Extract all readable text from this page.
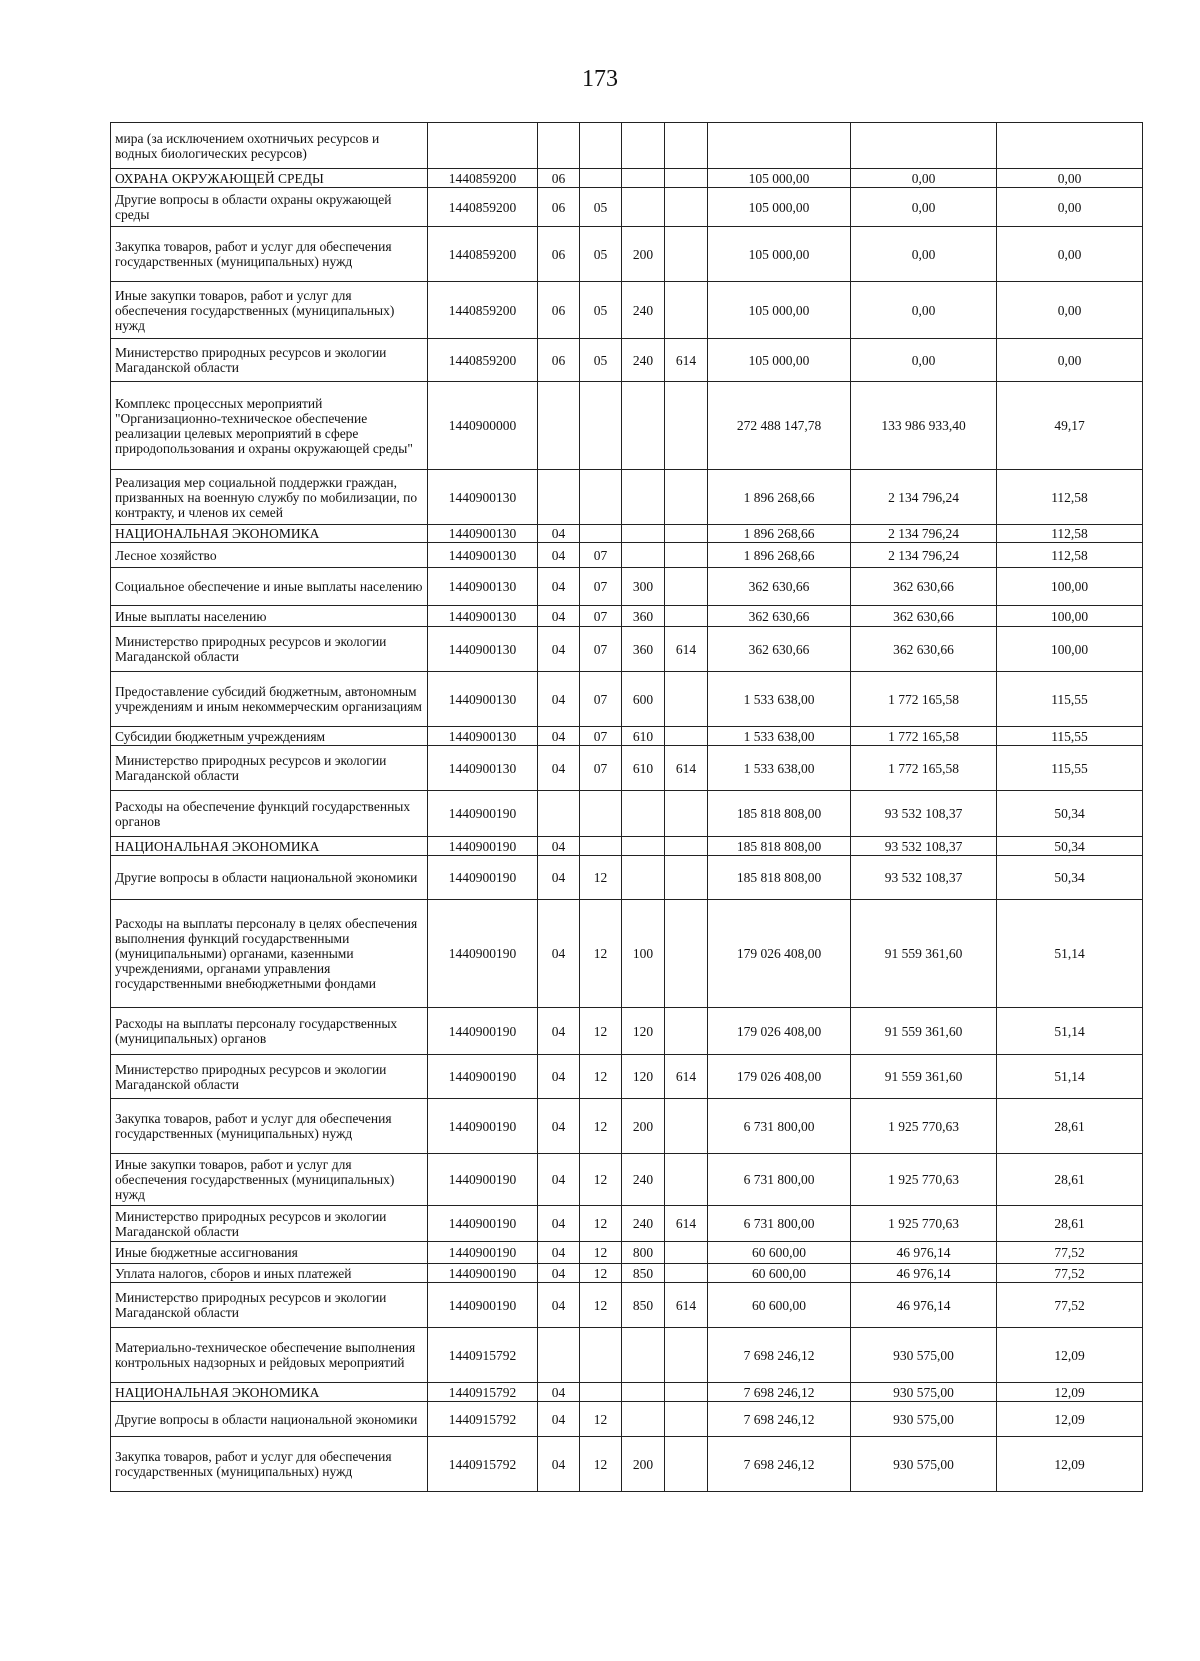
173
мира (за исключением охотничьих ресурсов и водных биологических ресурсов)								
ОХРАНА ОКРУЖАЮЩЕЙ СРЕДЫ	1440859200	06				105 000,00	0,00	0,00
Другие вопросы в области охраны окружающей среды	1440859200	06	05			105 000,00	0,00	0,00
Закупка товаров, работ и услуг для обеспечения государственных (муниципальных) нужд	1440859200	06	05	200		105 000,00	0,00	0,00
Иные закупки товаров, работ и услуг для обеспечения государственных (муниципальных) нужд	1440859200	06	05	240		105 000,00	0,00	0,00
Министерство природных ресурсов и экологии Магаданской области	1440859200	06	05	240	614	105 000,00	0,00	0,00
Комплекс процессных мероприятий "Организационно-техническое обеспечение реализации целевых мероприятий в сфере природопользования и охраны окружающей среды"	1440900000					272 488 147,78	133 986 933,40	49,17
Реализация мер социальной поддержки граждан, призванных на военную службу по мобилизации, по контракту, и членов их семей	1440900130					1 896 268,66	2 134 796,24	112,58
НАЦИОНАЛЬНАЯ ЭКОНОМИКА	1440900130	04				1 896 268,66	2 134 796,24	112,58
Лесное хозяйство	1440900130	04	07			1 896 268,66	2 134 796,24	112,58
Социальное обеспечение и иные выплаты населению	1440900130	04	07	300		362 630,66	362 630,66	100,00
Иные выплаты населению	1440900130	04	07	360		362 630,66	362 630,66	100,00
Министерство природных ресурсов и экологии Магаданской области	1440900130	04	07	360	614	362 630,66	362 630,66	100,00
Предоставление субсидий бюджетным, автономным учреждениям и иным некоммерческим организациям	1440900130	04	07	600		1 533 638,00	1 772 165,58	115,55
Субсидии бюджетным учреждениям	1440900130	04	07	610		1 533 638,00	1 772 165,58	115,55
Министерство природных ресурсов и экологии Магаданской области	1440900130	04	07	610	614	1 533 638,00	1 772 165,58	115,55
Расходы на обеспечение функций государственных органов	1440900190					185 818 808,00	93 532 108,37	50,34
НАЦИОНАЛЬНАЯ ЭКОНОМИКА	1440900190	04				185 818 808,00	93 532 108,37	50,34
Другие вопросы в области национальной экономики	1440900190	04	12			185 818 808,00	93 532 108,37	50,34
Расходы на выплаты персоналу в целях обеспечения выполнения функций государственными (муниципальными) органами, казенными учреждениями, органами управления государственными внебюджетными фондами	1440900190	04	12	100		179 026 408,00	91 559 361,60	51,14
Расходы на выплаты персоналу государственных (муниципальных) органов	1440900190	04	12	120		179 026 408,00	91 559 361,60	51,14
Министерство природных ресурсов и экологии Магаданской области	1440900190	04	12	120	614	179 026 408,00	91 559 361,60	51,14
Закупка товаров, работ и услуг для обеспечения государственных (муниципальных) нужд	1440900190	04	12	200		6 731 800,00	1 925 770,63	28,61
Иные закупки товаров, работ и услуг для обеспечения государственных (муниципальных) нужд	1440900190	04	12	240		6 731 800,00	1 925 770,63	28,61
Министерство природных ресурсов и экологии Магаданской области	1440900190	04	12	240	614	6 731 800,00	1 925 770,63	28,61
Иные бюджетные ассигнования	1440900190	04	12	800		60 600,00	46 976,14	77,52
Уплата налогов, сборов и иных платежей	1440900190	04	12	850		60 600,00	46 976,14	77,52
Министерство природных ресурсов и экологии Магаданской области	1440900190	04	12	850	614	60 600,00	46 976,14	77,52
Материально-техническое обеспечение выполнения контрольных надзорных и рейдовых мероприятий	1440915792					7 698 246,12	930 575,00	12,09
НАЦИОНАЛЬНАЯ ЭКОНОМИКА	1440915792	04				7 698 246,12	930 575,00	12,09
Другие вопросы в области национальной экономики	1440915792	04	12			7 698 246,12	930 575,00	12,09
Закупка товаров, работ и услуг для обеспечения государственных (муниципальных) нужд	1440915792	04	12	200		7 698 246,12	930 575,00	12,09
